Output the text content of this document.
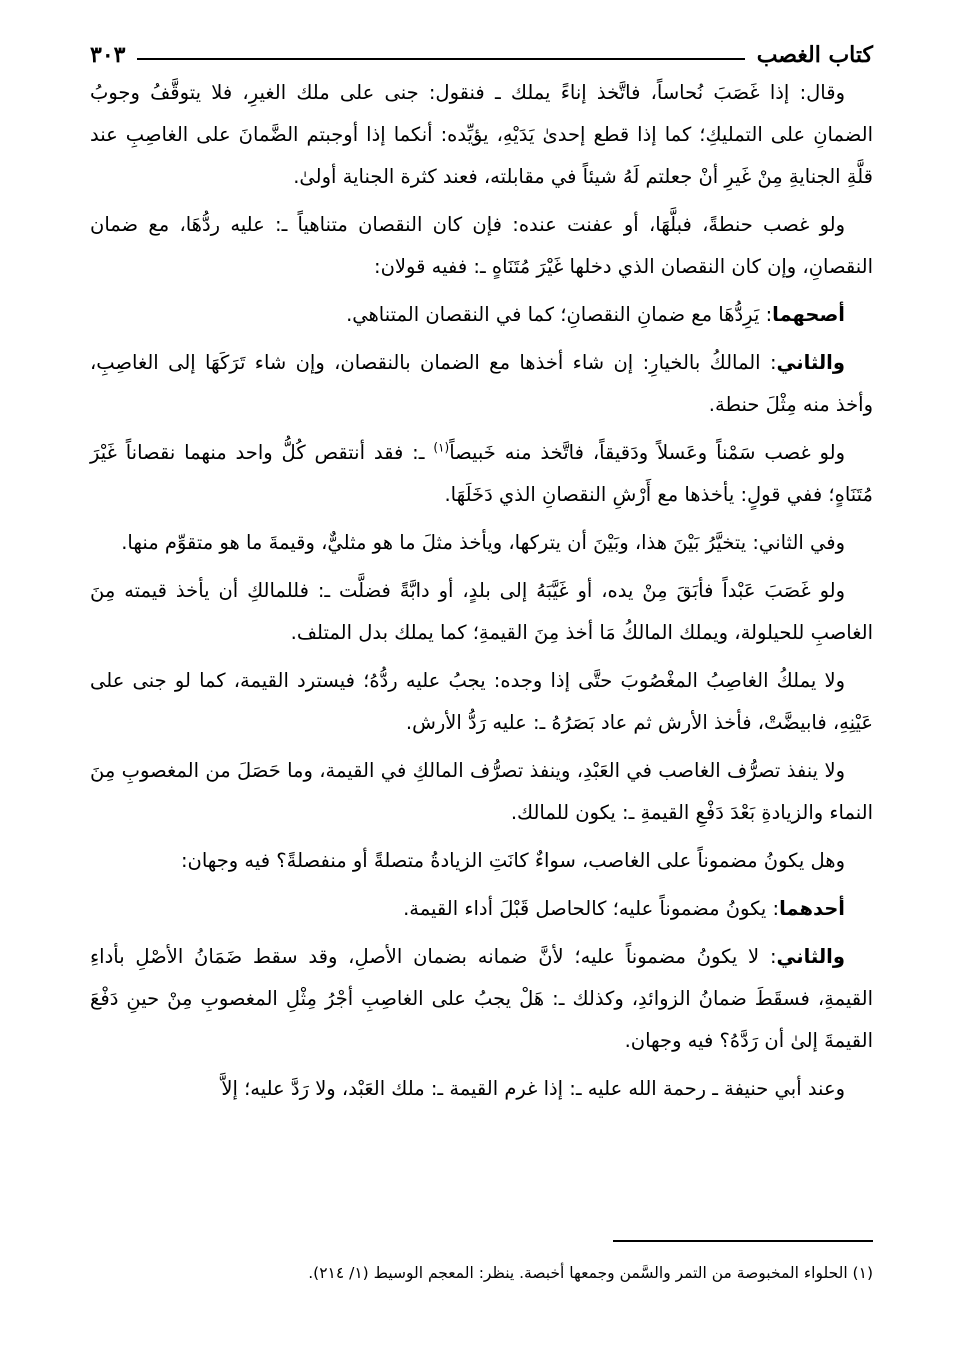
كتاب الغصب
٣٠٣

وقال: إذا غَصَبَ نُحاساً، فاتَّخذ إناءً يملك ـ فنقول: جنى على ملك الغيرِ، فلا يتوقَّفُ وجوبُ الضمانِ على التمليكِ؛ كما إذا قطع إحدىٰ يَدَيْهِ، يؤيِّده: أنكما إذا أوجبتم الضَّمانَ على الغاصِبِ عند قلَّةِ الجنايةِ مِنْ غَيرِ أنْ جعلتم لَهُ شيئاً في مقابلته، فعند كثرة الجناية أولىٰ.

ولو غصب حنطةً، فبلَّهَا، أو عفنت عنده: فإن كان النقصان متناهياً ـ: عليه ردُّهَا، مع ضمان النقصانِ، وإن كان النقصان الذي دخلها غَيْرَ مُتَنَاهٍ ـ: ففيه قولان:

أصحهما: يَرِدُّهَا مع ضمانِ النقصانِ؛ كما في النقصان المتناهي.

والثاني: المالكُ بالخيارِ: إن شاء أخذها مع الضمان بالنقصان، وإن شاء تَرَكَهَا إلى الغاصِبِ، وأخذ منه مِثْلَ حنطة.

ولو غصب سَمْناً وعَسلاً ودَقيقاً، فاتَّخذ منه خَبيصاً$^{(١)}$ ـ: فقد أنتقص كُلُّ واحد منهما نقصاناً غَيْرَ مُتَنَاهٍ؛ ففي قولٍ: يأخذها مع أَرْشِ النقصانِ الذي دَخَلَهَا.

وفي الثاني: يتخيَّرُ بَيْنَ هذا، وبَيْنَ أن يتركها، ويأخذ مثلَ ما هو مثليٌّ، وقيمةَ ما هو متقوِّم منها.

ولو غَصَبَ عَبْداً فأبَقَ مِنْ يده، أو غَيَّبَهُ إلى بلدٍ، أو دابَّةً فضلَّت ـ: فللمالكِ أن يأخذ قيمته مِنَ الغاصبِ للحيلولة، ويملك المالكُ مَا أخذ مِنَ القيمةِ؛ كما يملك بدل المتلف.

ولا يملكُ الغاصِبُ المغْصُوبَ حتَّى إذا وجده: يجبُ عليه ردُّهُ؛ فيسترد القيمة، كما لو جنى على عَيْنِهِ، فابيضَّتْ، فأخذ الأرش ثم عاد بَصَرُهُ ـ: عليه رَدُّ الأرش.

ولا ينفذ تصرُّف الغاصب في العَبْدِ، وينفذ تصرُّف المالكِ في القيمة، وما حَصَلَ من المغصوبِ مِنَ النماء والزيادةِ بَعْدَ دَفْعِ القيمةِ ـ: يكون للمالك.

وهل يكونُ مضموناً على الغاصب، سواءٌ كانَتِ الزيادةُ متصلةً أو منفصلةً؟ فيه وجهان:

أحدهما: يكونُ مضموناً عليه؛ كالحاصل قَبْلَ أداء القيمة.

والثاني: لا يكونُ مضموناً عليه؛ لأنَّ ضمانه بضمان الأصلِ، وقد سقط ضَمَانُ الأصْلِ بأداءِ القيمةِ، فسقَطَ ضمانُ الزوائدِ، وكذلك ـ: هَلْ يجبُ على الغاصِبِ أجْرُ مِثْلِ المغصوبِ مِنْ حينِ دَفْعَ القيمةَ إلىٰ أن رَدَّهُ؟ فيه وجهان.

وعند أبي حنيفة ـ رحمة الله عليه ـ: إذا غرم القيمة ـ: ملك العَبْد، ولا رَدَّ عليه؛ إلاَّ

(١) الحلواء المخبوصة من التمر والسَّمن وجمعها أخبصة. ينظر: المعجم الوسيط (١/ ٢١٤).
